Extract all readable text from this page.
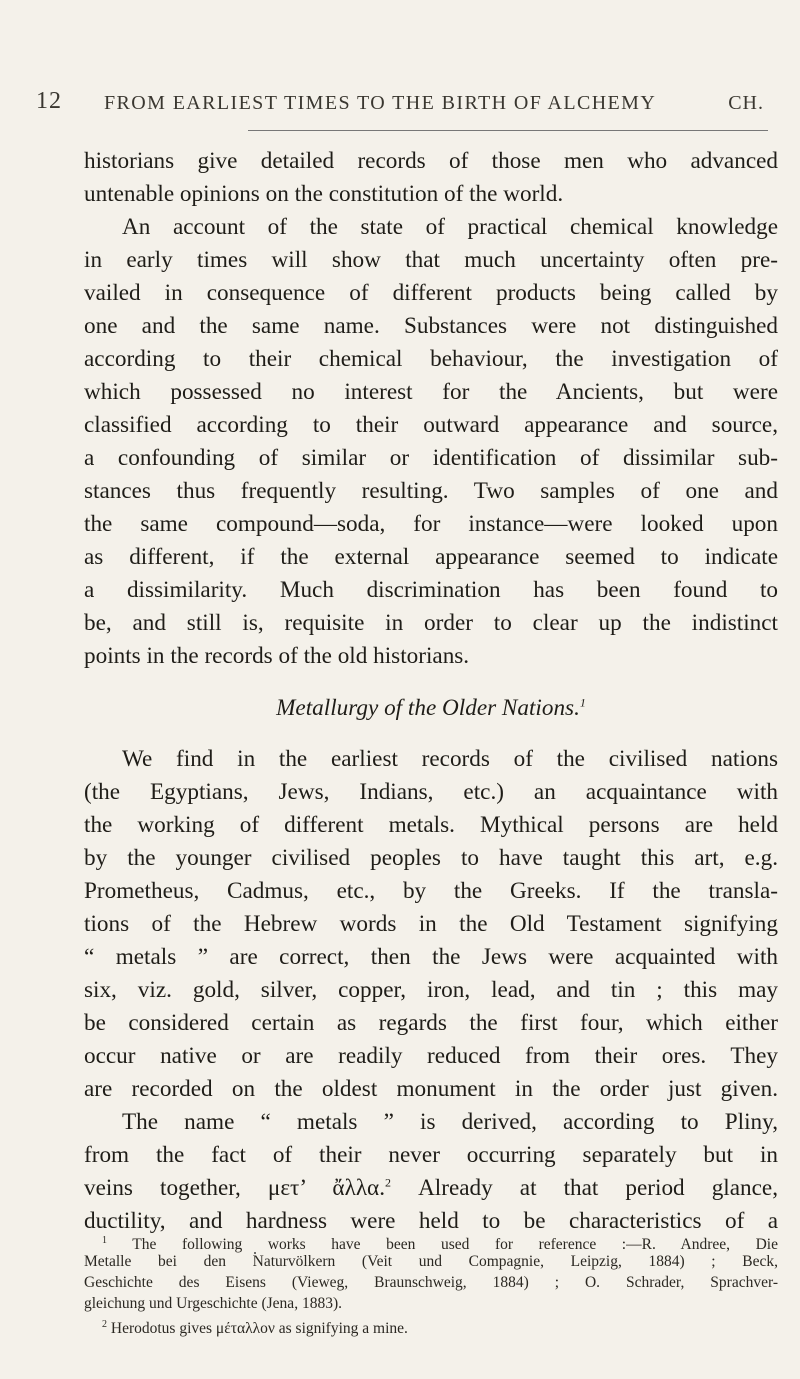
12 FROM EARLIEST TIMES TO THE BIRTH OF ALCHEMY	CH.
historians give detailed records of those men who advanced
untenable opinions on the constitution of the world.
An account of the state of practical chemical knowledge
in early times will show that much uncertainty often pre-
vailed in consequence of different products being called by
one and the same name. Substances were not distinguished
according to their chemical behaviour, the investigation of
which possessed no interest for the Ancients, but were
classified according to their outward appearance and source,
a confounding of similar or identification of dissimilar sub-
stances thus frequently resulting. Two samples of one and
the same compound—soda, for instance—were looked upon
as different, if the external appearance seemed to indicate
a dissimilarity. Much discrimination has been found to
be, and still is, requisite in order to clear up the indistinct
points in the records of the old historians.
Metallurgy of the Older Nations.$^1$
We find in the earliest records of the civilised nations
(the Egyptians, Jews, Indians, etc.) an acquaintance with
the working of different metals. Mythical persons are held
by the younger civilised peoples to have taught this art, e.g.
Prometheus, Cadmus, etc., by the Greeks. If the transla-
tions of the Hebrew words in the Old Testament signifying
“ metals ” are correct, then the Jews were acquainted with
six, viz. gold, silver, copper, iron, lead, and tin ; this may
be considered certain as regards the first four, which either
occur native or are readily reduced from their ores. They
are recorded on the oldest monument in the order just given.
The name “ metals ” is derived, according to Pliny,
from the fact of their never occurring separately but in
veins together, μετ’ ἄλλα.$^2$ Already at that period glance,
ductility, and hardness were held to be characteristics of a
$^1$ The following works have been used for reference :—R. Andree, Die
Metalle bei den Naturvölkern (Veit und Compagnie, Leipzig, 1884) ; Beck,
Geschichte des Eisens (Vieweg, Braunschweig, 1884) ; O. Schrader, Sprachver-
gleichung und Urgeschichte (Jena, 1883).
$^2$ Herodotus gives μέταλλον as signifying a mine.
